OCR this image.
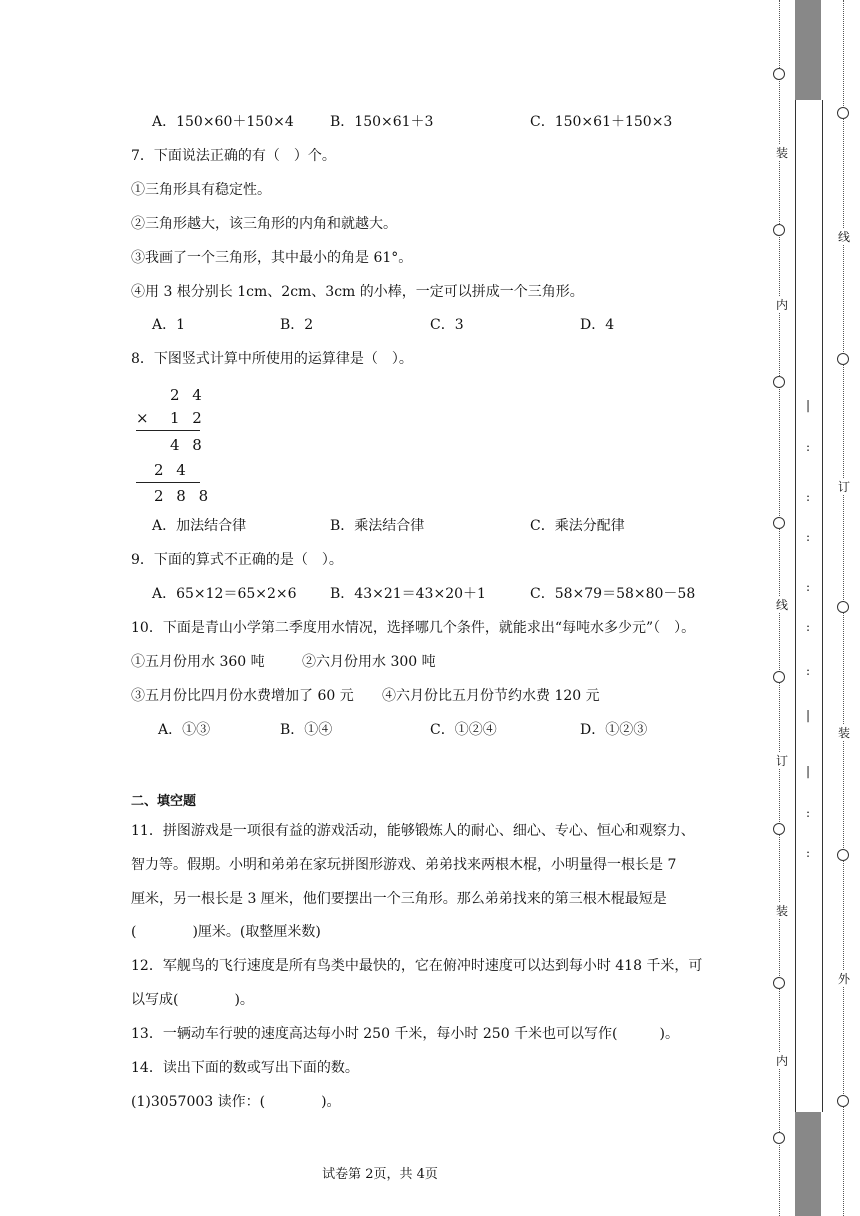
A．150×60＋150×4	B．150×61＋3	C．150×61＋150×3
7．下面说法正确的有（　）个。
①三角形具有稳定性。
②三角形越大，该三角形的内角和就越大。
③我画了一个三角形，其中最小的角是 61°。
④用 3 根分别长 1cm、2cm、3cm 的小棒，一定可以拼成一个三角形。
A．1	B．2	C．3	D．4
8．下图竖式计算中所使用的运算律是（　）。
2 4
× 1 2
4 8
2 4
2 8 8
A．加法结合律	B．乘法结合律	C．乘法分配律
9．下面的算式不正确的是（　）。
A．65×12＝65×2×6 B．43×21＝43×20＋1	C．58×79＝58×80－58
10．下面是青山小学第二季度用水情况，选择哪几个条件，就能求出“每吨水多少元”（　）。
①五月份用水 360 吨	②六月份用水 300 吨
③五月份比四月份水费增加了 60 元 ④六月份比五月份节约水费 120 元
A．①③	B．①④	C．①②④	D．①②③
二、填空题
11．拼图游戏是一项很有益的游戏活动，能够锻炼人的耐心、细心、专心、恒心和观察力、
智力等。假期。小明和弟弟在家玩拼图形游戏、弟弟找来两根木棍，小明量得一根长是 7
厘米，另一根长是 3 厘米，他们要摆出一个三角形。那么弟弟找来的第三根木棍最短是
(　　　　)厘米。(取整厘米数)
12．军舰鸟的飞行速度是所有鸟类中最快的，它在俯冲时速度可以达到每小时 418 千米，可
以写成(　　　　)。
13．一辆动车行驶的速度高达每小时 250 千米，每小时 250 千米也可以写作(　　　)。
14．读出下面的数或写出下面的数。
(1)3057003 读作：(　　　　)。
试卷第 2页，共 4页
装
内
线
订
装
内
线
订
装
外
|
:
:
:
:
:
:
|
|
:
:
